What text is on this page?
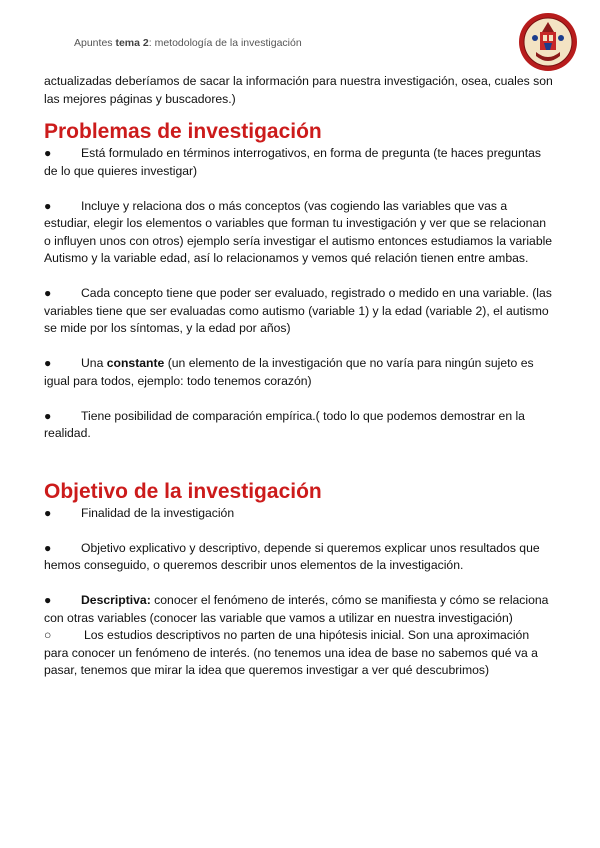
Apuntes tema 2: metodología de la investigación

actualizadas deberíamos de sacar la información para nuestra investigación, osea, cuales son las mejores páginas y buscadores.)

Problemas de investigación

● Está formulado en términos interrogativos, en forma de pregunta (te haces preguntas de lo que quieres investigar)

● Incluye y relaciona dos o más conceptos (vas cogiendo las variables que vas a estudiar, elegir los elementos o variables que forman tu investigación y ver que se relacionan o influyen unos con otros) ejemplo sería investigar el autismo entonces estudiamos la variable Autismo y la variable edad, así lo relacionamos y vemos qué relación tienen entre ambas.

● Cada concepto tiene que poder ser evaluado, registrado o medido en una variable. (las variables tiene que ser evaluadas como autismo (variable 1) y la edad (variable 2), el autismo se mide por los síntomas, y la edad por años)

● Una constante (un elemento de la investigación que no varía para ningún sujeto es igual para todos, ejemplo: todo tenemos corazón)

● Tiene posibilidad de comparación empírica.( todo lo que podemos demostrar en la realidad.

Objetivo de la investigación

● Finalidad de la investigación

● Objetivo explicativo y descriptivo, depende si queremos explicar unos resultados que hemos conseguido, o queremos describir unos elementos de la investigación.

● Descriptiva: conocer el fenómeno de interés, cómo se manifiesta y cómo se relaciona con otras variables (conocer las variable que vamos a utilizar en nuestra investigación)

○	Los estudios descriptivos no parten de una hipótesis inicial. Son una aproximación para conocer un fenómeno de interés. (no tenemos una idea de base no sabemos qué va a pasar, tenemos que mirar la idea que queremos investigar a ver qué descubrimos)
